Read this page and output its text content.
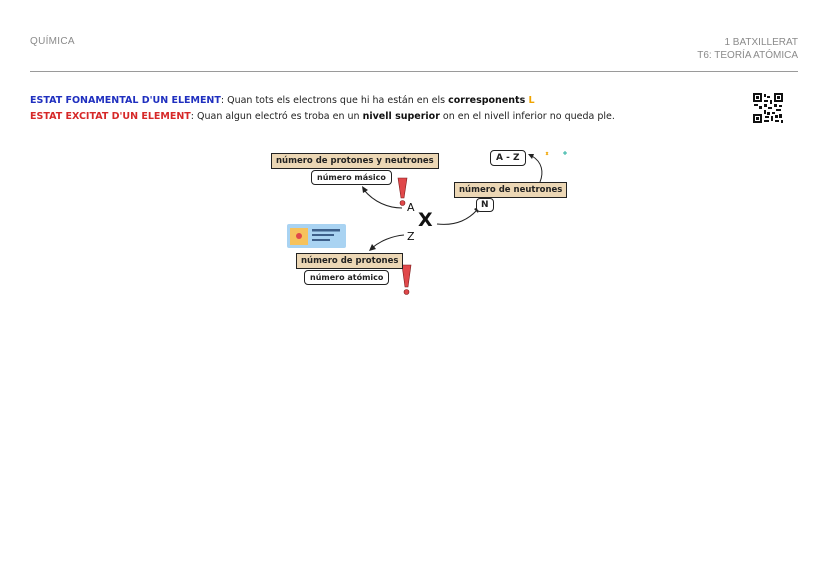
QUÍMICA	1 BATXILLERAT
T6: TEORÍA ATÓMICA
ESTAT FONAMENTAL D'UN ELEMENT: Quan tots els electrons que hi ha están en els corresponents L
ESTAT EXCITAT D'UN ELEMENT: Quan algun electró es troba en un nivell superior on en el nivell inferior no queda ple.
número de protones y neutrones
número másico
A
X
Z
número de protones
número atómico
A - Z
número de neutrones
N
